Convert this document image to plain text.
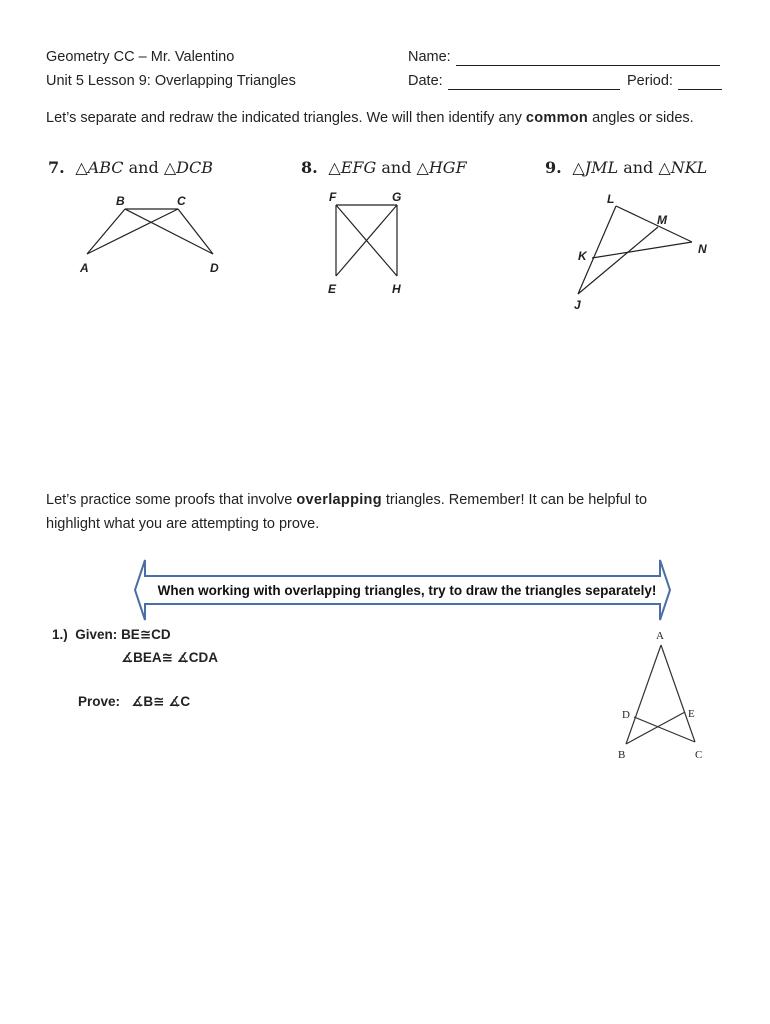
Geometry CC – Mr. Valentino
Unit 5 Lesson 9: Overlapping Triangles
Name:
Date:	Period:
Let’s separate and redraw the indicated triangles. We will then identify any common angles or sides.
7. △ABC and △DCB	8. △EFG and △HGF	9. △JML and △NKL
B	C
A	D
F	G
E	H
L
M
N
K
J
When working with overlapping triangles, try to draw the triangles separately!
A
D	E
B	C
Let’s practice some proofs that involve overlapping triangles. Remember! It can be helpful to
highlight what you are attempting to prove.
1.) Given: BE≅CD
∡BEA≅ ∡CDA
Prove: ∡B≅ ∡C
